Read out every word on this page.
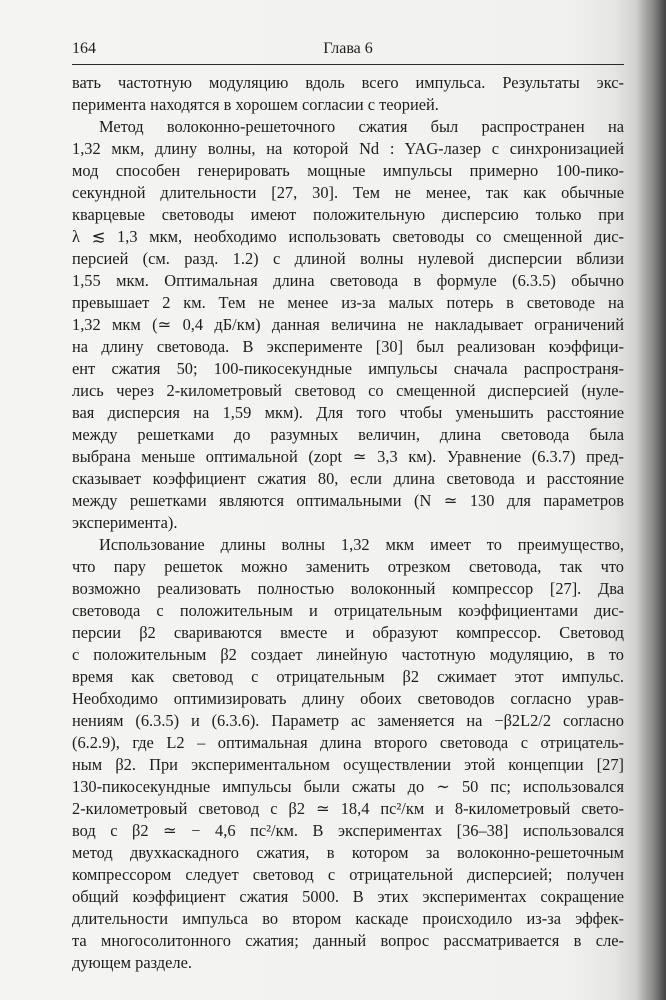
164	Глава 6
вать частотную модуляцию вдоль всего импульса. Результаты экс-
перимента находятся в хорошем согласии с теорией.
Метод волоконно-решеточного сжатия был распространен на
1,32 мкм, длину волны, на которой Nd : YAG-лазер с синхронизацией
мод способен генерировать мощные импульсы примерно 100-пико-
секундной длительности [27, 30]. Тем не менее, так как обычные
кварцевые световоды имеют положительную дисперсию только при
λ ≲ 1,3 мкм, необходимо использовать световоды со смещенной дис-
персией (см. разд. 1.2) с длиной волны нулевой дисперсии вблизи
1,55 мкм. Оптимальная длина световода в формуле (6.3.5) обычно
превышает 2 км. Тем не менее из-за малых потерь в световоде на
1,32 мкм (≃ 0,4 дБ/км) данная величина не накладывает ограничений
на длину световода. В эксперименте [30] был реализован коэффици-
ент сжатия 50; 100-пикосекундные импульсы сначала распространя-
лись через 2-километровый световод со смещенной дисперсией (нуле-
вая дисперсия на 1,59 мкм). Для того чтобы уменьшить расстояние
между решетками до разумных величин, длина световода была
выбрана меньше оптимальной (zopt ≃ 3,3 км). Уравнение (6.3.7) пред-
сказывает коэффициент сжатия 80, если длина световода и расстояние
между решетками являются оптимальными (N ≃ 130 для параметров
эксперимента).
Использование длины волны 1,32 мкм имеет то преимущество,
что пару решеток можно заменить отрезком световода, так что
возможно реализовать полностью волоконный компрессор [27]. Два
световода с положительным и отрицательным коэффициентами дис-
персии β2 свариваются вместе и образуют компрессор. Световод
с положительным β2 создает линейную частотную модуляцию, в то
время как световод с отрицательным β2 сжимает этот импульс.
Необходимо оптимизировать длину обоих световодов согласно урав-
нениям (6.3.5) и (6.3.6). Параметр ac заменяется на −β2L2/2 согласно
(6.2.9), где L2 – оптимальная длина второго световода с отрицатель-
ным β2. При экспериментальном осуществлении этой концепции [27]
130-пикосекундные импульсы были сжаты до ∼ 50 пс; использовался
2-километровый световод с β2 ≃ 18,4 пс²/км и 8-километровый свето-
вод с β2 ≃ − 4,6 пс²/км. В экспериментах [36–38] использовался
метод двухкаскадного сжатия, в котором за волоконно-решеточным
компрессором следует световод с отрицательной дисперсией; получен
общий коэффициент сжатия 5000. В этих экспериментах сокращение
длительности импульса во втором каскаде происходило из-за эффек-
та многосолитонного сжатия; данный вопрос рассматривается в сле-
дующем разделе.
